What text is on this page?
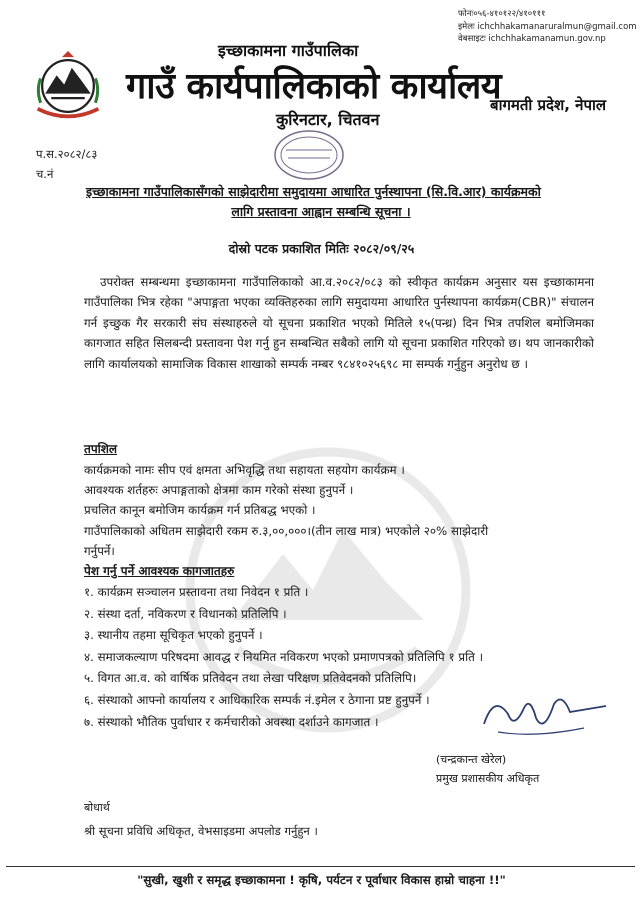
फोनः०५६-४१०१२२/४१०१११
इमेलः ichchhakamanaruralmun@gmail.com
वेबसाइटः ichchhakamanamun.gov.np
इच्छाकामना गाउँपालिका
गाउँ कार्यपालिकाको कार्यालय
बागमती प्रदेश, नेपाल
कुरिनटार, चितवन
प.स.२०८२/८३
च.नं
इच्छाकामना गाउँपालिकासँगको साझेदारीमा समुदायमा आधारित पुर्नस्थापना (सि.वि.आर) कार्यक्रमको
लागि प्रस्तावना आह्वान सम्बन्धि सूचना ।
दोस्रो पटक प्रकाशित मितिः २०८२/०९/२५
उपरोक्त सम्बन्धमा इच्छाकामना गाउँपालिकाको आ.व.२०८२/०८३ को स्वीकृत कार्यक्रम अनुसार यस इच्छाकामना गाउँपालिका भित्र रहेका "अपाङ्गता भएका व्यक्तिहरुका लागि समुदायमा आधारित पुर्नस्थापना कार्यक्रम(CBR)" संचालन गर्न इच्छुक गैर सरकारी संघ संस्थाहरुले यो सूचना प्रकाशित भएको मितिले १५(पन्ध्र) दिन भित्र तपशिल बमोजिमका कागजात सहित सिलबन्दी प्रस्तावना पेश गर्नु हुन सम्बन्धित सबैको लागि यो सूचना प्रकाशित गरिएको छ। थप जानकारीको लागि कार्यालयको सामाजिक विकास शाखाको सम्पर्क नम्बर ९८४१०२५६९८ मा सम्पर्क गर्नुहुन अनुरोध छ ।
तपशिल
कार्यक्रमको नामः सीप एवं क्षमता अभिवृद्धि तथा सहायता सहयोग कार्यक्रम ।
आवश्यक शर्तहरुः अपाङ्गताको क्षेत्रमा काम गरेको संस्था हुनुपर्ने ।
प्रचलित कानून बमोजिम कार्यक्रम गर्न प्रतिबद्ध भएको ।
गाउँपालिकाको अधितम साझेदारी रकम रु.३,००,०००।(तीन लाख मात्र) भएकोले २०% साझेदारी
गर्नुपर्ने।
पेश गर्नु पर्ने आवश्यक कागजातहरु
१. कार्यक्रम सञ्चालन प्रस्तावना तथा निवेदन १ प्रति ।
२. संस्था दर्ता, नविकरण र विधानको प्रतिलिपि ।
३. स्थानीय तहमा सूचिकृत भएको हुनुपर्ने ।
४. समाजकल्याण परिषदमा आवद्ध र नियमित नविकरण भएको प्रमाणपत्रको प्रतिलिपि १ प्रति ।
५. विगत आ.व. को वार्षिक प्रतिवेदन तथा लेखा परिक्षण प्रतिवेदनको प्रतिलिपि।
६. संस्थाको आफ्नो कार्यालय र आधिकारिक सम्पर्क नं.इमेल र ठेगाना प्रष्ट हुनुपर्ने ।
७. संस्थाको भौतिक पुर्वाधार र कर्मचारीको अवस्था दर्शाउने कागजात ।
(चन्द्रकान्त खेरेल)
प्रमुख प्रशासकीय अधिकृत
बोधार्थ
श्री सूचना प्रविधि अधिकृत, वेभसाइडमा अपलोड गर्नुहुन ।
"सुखी, खुशी र समृद्ध इच्छाकामना ! कृषि, पर्यटन र पूर्वाधार विकास हाम्रो चाहना !!"
